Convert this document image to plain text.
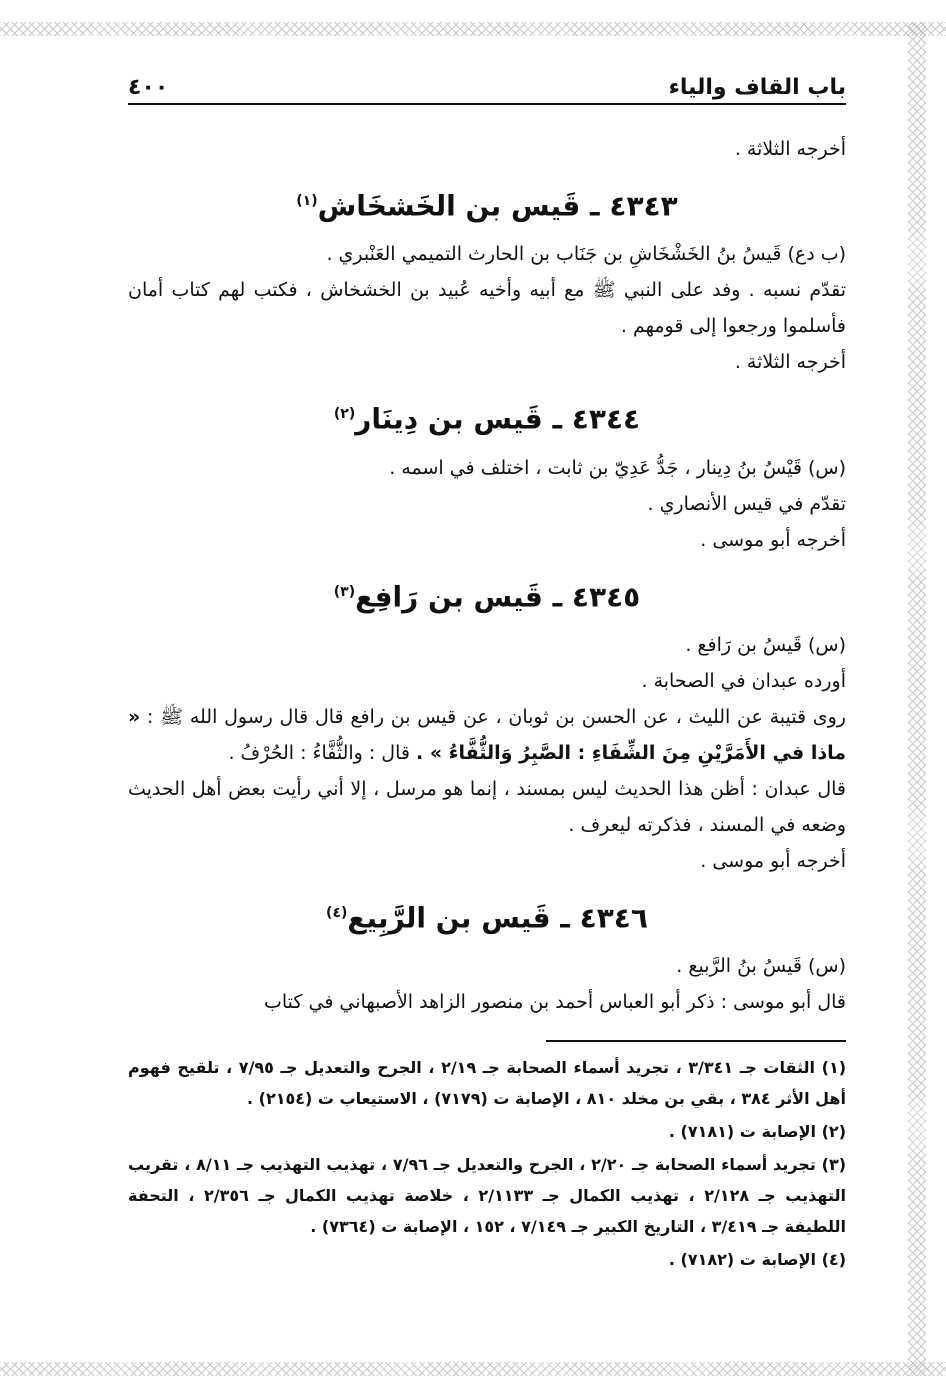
باب القاف والياء
٤٠٠

أخرجه الثلاثة .

٤٣٤٣ ـ قَيس بن الخَشخَاش$^{(١)}$

(ب دع) قَيسُ بنُ الخَشْخَاشِ بن جَنَاب بن الحارث التميمي العَنْبري .

تقدّم نسبه . وفد على النبي ﷺ مع أبيه وأخيه عُبيد بن الخشخاش ، فكتب لهم كتاب أمان فأسلموا ورجعوا إلى قومهم .

أخرجه الثلاثة .

٤٣٤٤ ـ قَيس بن دِينَار$^{(٢)}$

(س) قَيْسُ بنُ دِينار ، جَدُّ عَدِيّ بن ثابت ، اختلف في اسمه .

تقدّم في قيس الأنصاري .

أخرجه أبو موسى .

٤٣٤٥ ـ قَيس بن رَافِع$^{(٣)}$

(س) قَيسُ بن رَافع .

أورده عبدان في الصحابة .

روى قتيبة عن الليث ، عن الحسن بن ثوبان ، عن قيس بن رافع قال قال رسول الله ﷺ : « ماذا في الأَمَرَّيْنِ مِنَ الشِّفَاءِ : الصَّبِرُ وَالثُّفَّاءُ » . قال : والثُّفَّاءُ : الحُرْفُ .

قال عبدان : أظن هذا الحديث ليس بمسند ، إنما هو مرسل ، إلا أني رأيت بعض أهل الحديث وضعه في المسند ، فذكرته ليعرف .

أخرجه أبو موسى .

٤٣٤٦ ـ قَيس بن الرَّبِيع$^{(٤)}$

(س) قَيسُ بنُ الرَّبيع .

قال أبو موسى : ذكر أبو العباس أحمد بن منصور الزاهد الأصبهاني في كتاب

(١) الثقات جـ ٣/٣٤١ ، تجريد أسماء الصحابة جـ ٢/١٩ ، الجرح والتعديل جـ ٧/٩٥ ، تلقيح فهوم أهل الأثر ٣٨٤ ، بقي بن مخلد ٨١٠ ، الإصابة ت (٧١٧٩) ، الاستيعاب ت (٢١٥٤) .

(٢) الإصابة ت (٧١٨١) .

(٣) تجريد أسماء الصحابة جـ ٢/٢٠ ، الجرح والتعديل جـ ٧/٩٦ ، تهذيب التهذيب جـ ٨/١١ ، تقريب التهذيب جـ ٢/١٢٨ ، تهذيب الكمال جـ ٢/١١٣٣ ، خلاصة تهذيب الكمال جـ ٢/٣٥٦ ، التحفة اللطيفة جـ ٣/٤١٩ ، التاريخ الكبير جـ ٧/١٤٩ ، ١٥٢ ، الإصابة ت (٧٣٦٤) .

(٤) الإصابة ت (٧١٨٢) .
